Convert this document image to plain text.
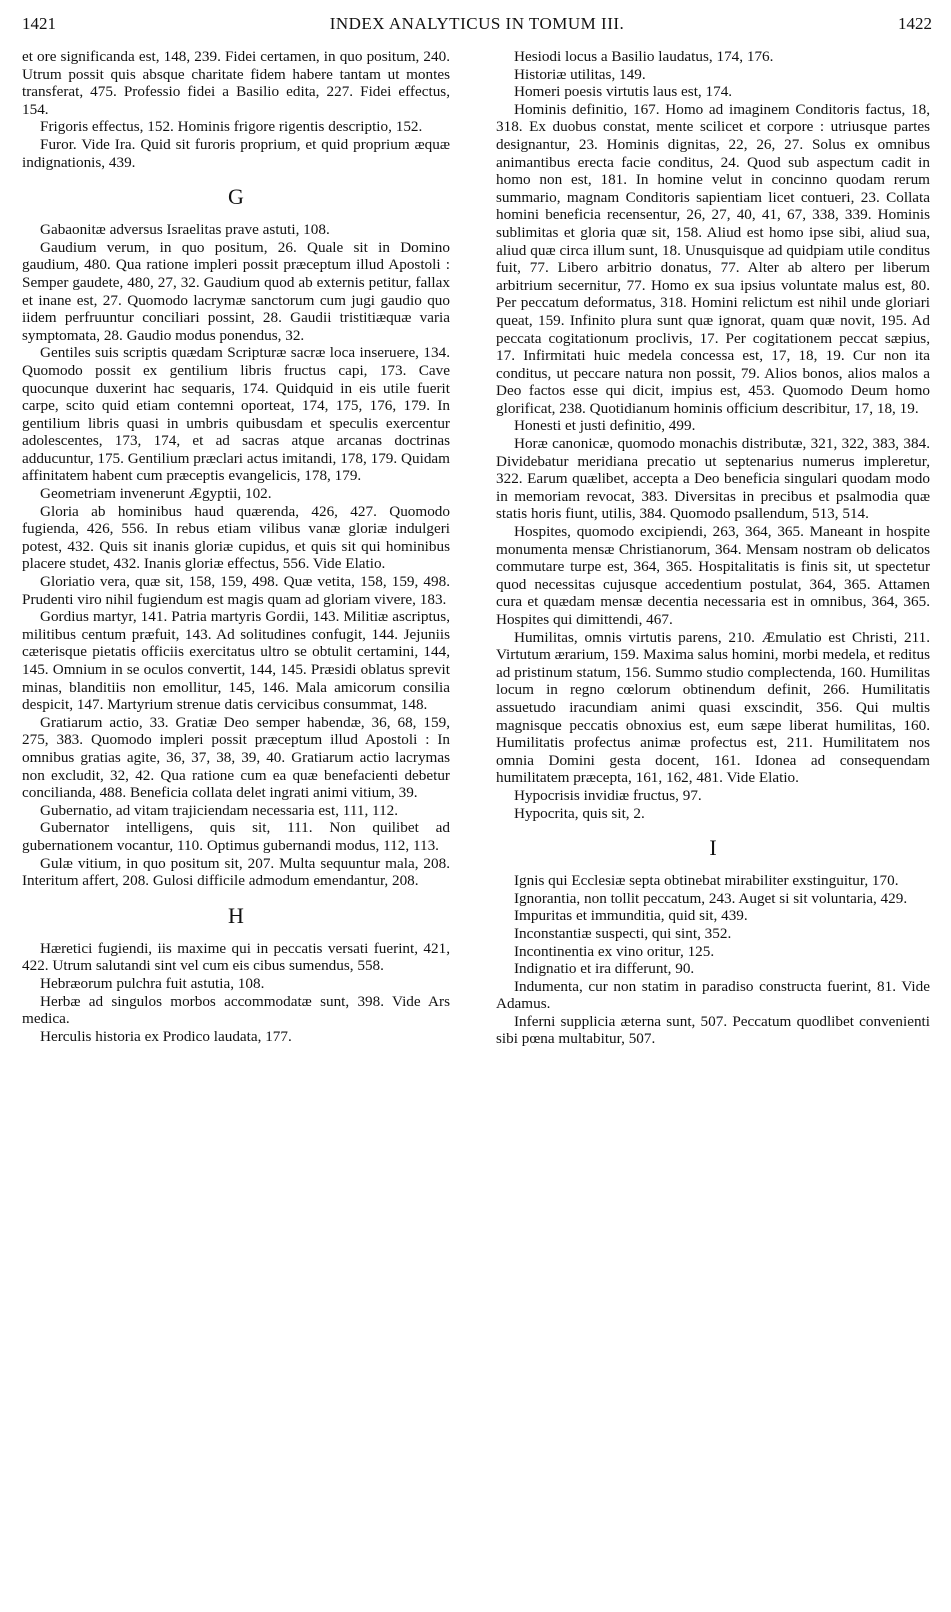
1421	INDEX ANALYTICUS IN TOMUM III.	1422

et ore significanda est, 148, 239. Fidei certamen, in quo positum, 240. Utrum possit quis absque charitate fidem habere tantam ut montes transferat, 475. Professio fidei a Basilio edita, 227. Fidei effectus, 154.

Frigoris effectus, 152. Hominis frigore rigentis descriptio, 152.

Furor. Vide Ira. Quid sit furoris proprium, et quid proprium æquæ indignationis, 439.

G

Gabaonitæ adversus Israelitas prave astuti, 108.

Gaudium verum, in quo positum, 26. Quale sit in Domino gaudium, 480. Qua ratione impleri possit præceptum illud Apostoli : Semper gaudete, 480, 27, 32. Gaudium quod ab externis petitur, fallax et inane est, 27. Quomodo lacrymæ sanctorum cum jugi gaudio quo iidem perfruuntur conciliari possint, 28. Gaudii tristitiæquæ varia symptomata, 28. Gaudio modus ponendus, 32.

Gentiles suis scriptis quædam Scripturæ sacræ loca inseruere, 134. Quomodo possit ex gentilium libris fructus capi, 173. Cave quocunque duxerint hac sequaris, 174. Quidquid in eis utile fuerit carpe, scito quid etiam contemni oporteat, 174, 175, 176, 179. In gentilium libris quasi in umbris quibusdam et speculis exercentur adolescentes, 173, 174, et ad sacras atque arcanas doctrinas adducuntur, 175. Gentilium præclari actus imitandi, 178, 179. Quidam affinitatem habent cum præceptis evangelicis, 178, 179.

Geometriam invenerunt Ægyptii, 102.

Gloria ab hominibus haud quærenda, 426, 427. Quomodo fugienda, 426, 556. In rebus etiam vilibus vanæ gloriæ indulgeri potest, 432. Quis sit inanis gloriæ cupidus, et quis sit qui hominibus placere studet, 432. Inanis gloriæ effectus, 556. Vide Elatio.

Gloriatio vera, quæ sit, 158, 159, 498. Quæ vetita, 158, 159, 498. Prudenti viro nihil fugiendum est magis quam ad gloriam vivere, 183.

Gordius martyr, 141. Patria martyris Gordii, 143. Militiæ ascriptus, militibus centum præfuit, 143. Ad solitudines confugit, 144. Jejuniis cæterisque pietatis officiis exercitatus ultro se obtulit certamini, 144, 145. Omnium in se oculos convertit, 144, 145. Præsidi oblatus sprevit minas, blanditiis non emollitur, 145, 146. Mala amicorum consilia despicit, 147. Martyrium strenue datis cervicibus consummat, 148.

Gratiarum actio, 33. Gratiæ Deo semper habendæ, 36, 68, 159, 275, 383. Quomodo impleri possit præceptum illud Apostoli : In omnibus gratias agite, 36, 37, 38, 39, 40. Gratiarum actio lacrymas non excludit, 32, 42. Qua ratione cum ea quæ benefacienti debetur concilianda, 488. Beneficia collata delet ingrati animi vitium, 39.

Gubernatio, ad vitam trajiciendam necessaria est, 111, 112.

Gubernator intelligens, quis sit, 111. Non quilibet ad gubernationem vocantur, 110. Optimus gubernandi modus, 112, 113.

Gulæ vitium, in quo positum sit, 207. Multa sequuntur mala, 208. Interitum affert, 208. Gulosi difficile admodum emendantur, 208.

H

Hæretici fugiendi, iis maxime qui in peccatis versati fuerint, 421, 422. Utrum salutandi sint vel cum eis cibus sumendus, 558.

Hebræorum pulchra fuit astutia, 108.

Herbæ ad singulos morbos accommodatæ sunt, 398. Vide Ars medica.

Herculis historia ex Prodico laudata, 177.

Hesiodi locus a Basilio laudatus, 174, 176.

Historiæ utilitas, 149.

Homeri poesis virtutis laus est, 174.

Hominis definitio, 167. Homo ad imaginem Conditoris factus, 18, 318. Ex duobus constat, mente scilicet et corpore : utriusque partes designantur, 23. Hominis dignitas, 22, 26, 27. Solus ex omnibus animantibus erecta facie conditus, 24. Quod sub aspectum cadit in homo non est, 181. In homine velut in concinno quodam rerum summario, magnam Conditoris sapientiam licet contueri, 23. Collata homini beneficia recensentur, 26, 27, 40, 41, 67, 338, 339. Hominis sublimitas et gloria quæ sit, 158. Aliud est homo ipse sibi, aliud sua, aliud quæ circa illum sunt, 18. Unusquisque ad quidpiam utile conditus fuit, 77. Libero arbitrio donatus, 77. Alter ab altero per liberum arbitrium secernitur, 77. Homo ex sua ipsius voluntate malus est, 80. Per peccatum deformatus, 318. Homini relictum est nihil unde gloriari queat, 159. Infinito plura sunt quæ ignorat, quam quæ novit, 195. Ad peccata cogitationum proclivis, 17. Per cogitationem peccat sæpius, 17. Infirmitati huic medela concessa est, 17, 18, 19. Cur non ita conditus, ut peccare natura non possit, 79. Alios bonos, alios malos a Deo factos esse qui dicit, impius est, 453. Quomodo Deum homo glorificat, 238. Quotidianum hominis officium describitur, 17, 18, 19.

Honesti et justi definitio, 499.

Horæ canonicæ, quomodo monachis distributæ, 321, 322, 383, 384. Dividebatur meridiana precatio ut septenarius numerus impleretur, 322. Earum quælibet, accepta a Deo beneficia singulari quodam modo in memoriam revocat, 383. Diversitas in precibus et psalmodia quæ statis horis fiunt, utilis, 384. Quomodo psallendum, 513, 514.

Hospites, quomodo excipiendi, 263, 364, 365. Maneant in hospite monumenta mensæ Christianorum, 364. Mensam nostram ob delicatos commutare turpe est, 364, 365. Hospitalitatis is finis sit, ut spectetur quod necessitas cujusque accedentium postulat, 364, 365. Attamen cura et quædam mensæ decentia necessaria est in omnibus, 364, 365. Hospites qui dimittendi, 467.

Humilitas, omnis virtutis parens, 210. Æmulatio est Christi, 211. Virtutum ærarium, 159. Maxima salus homini, morbi medela, et reditus ad pristinum statum, 156. Summo studio complectenda, 160. Humilitas locum in regno cœlorum obtinendum definit, 266. Humilitatis assuetudo iracundiam animi quasi exscindit, 356. Qui multis magnisque peccatis obnoxius est, eum sæpe liberat humilitas, 160. Humilitatis profectus animæ profectus est, 211. Humilitatem nos omnia Domini gesta docent, 161. Idonea ad consequendam humilitatem præcepta, 161, 162, 481. Vide Elatio.

Hypocrisis invidiæ fructus, 97.

Hypocrita, quis sit, 2.

I

Ignis qui Ecclesiæ septa obtinebat mirabiliter exstinguitur, 170.

Ignorantia, non tollit peccatum, 243. Auget si sit voluntaria, 429.

Impuritas et immunditia, quid sit, 439.

Inconstantiæ suspecti, qui sint, 352.

Incontinentia ex vino oritur, 125.

Indignatio et ira differunt, 90.

Indumenta, cur non statim in paradiso constructa fuerint, 81. Vide Adamus.

Inferni supplicia æterna sunt, 507. Peccatum quodlibet convenienti sibi pœna multabitur, 507.
